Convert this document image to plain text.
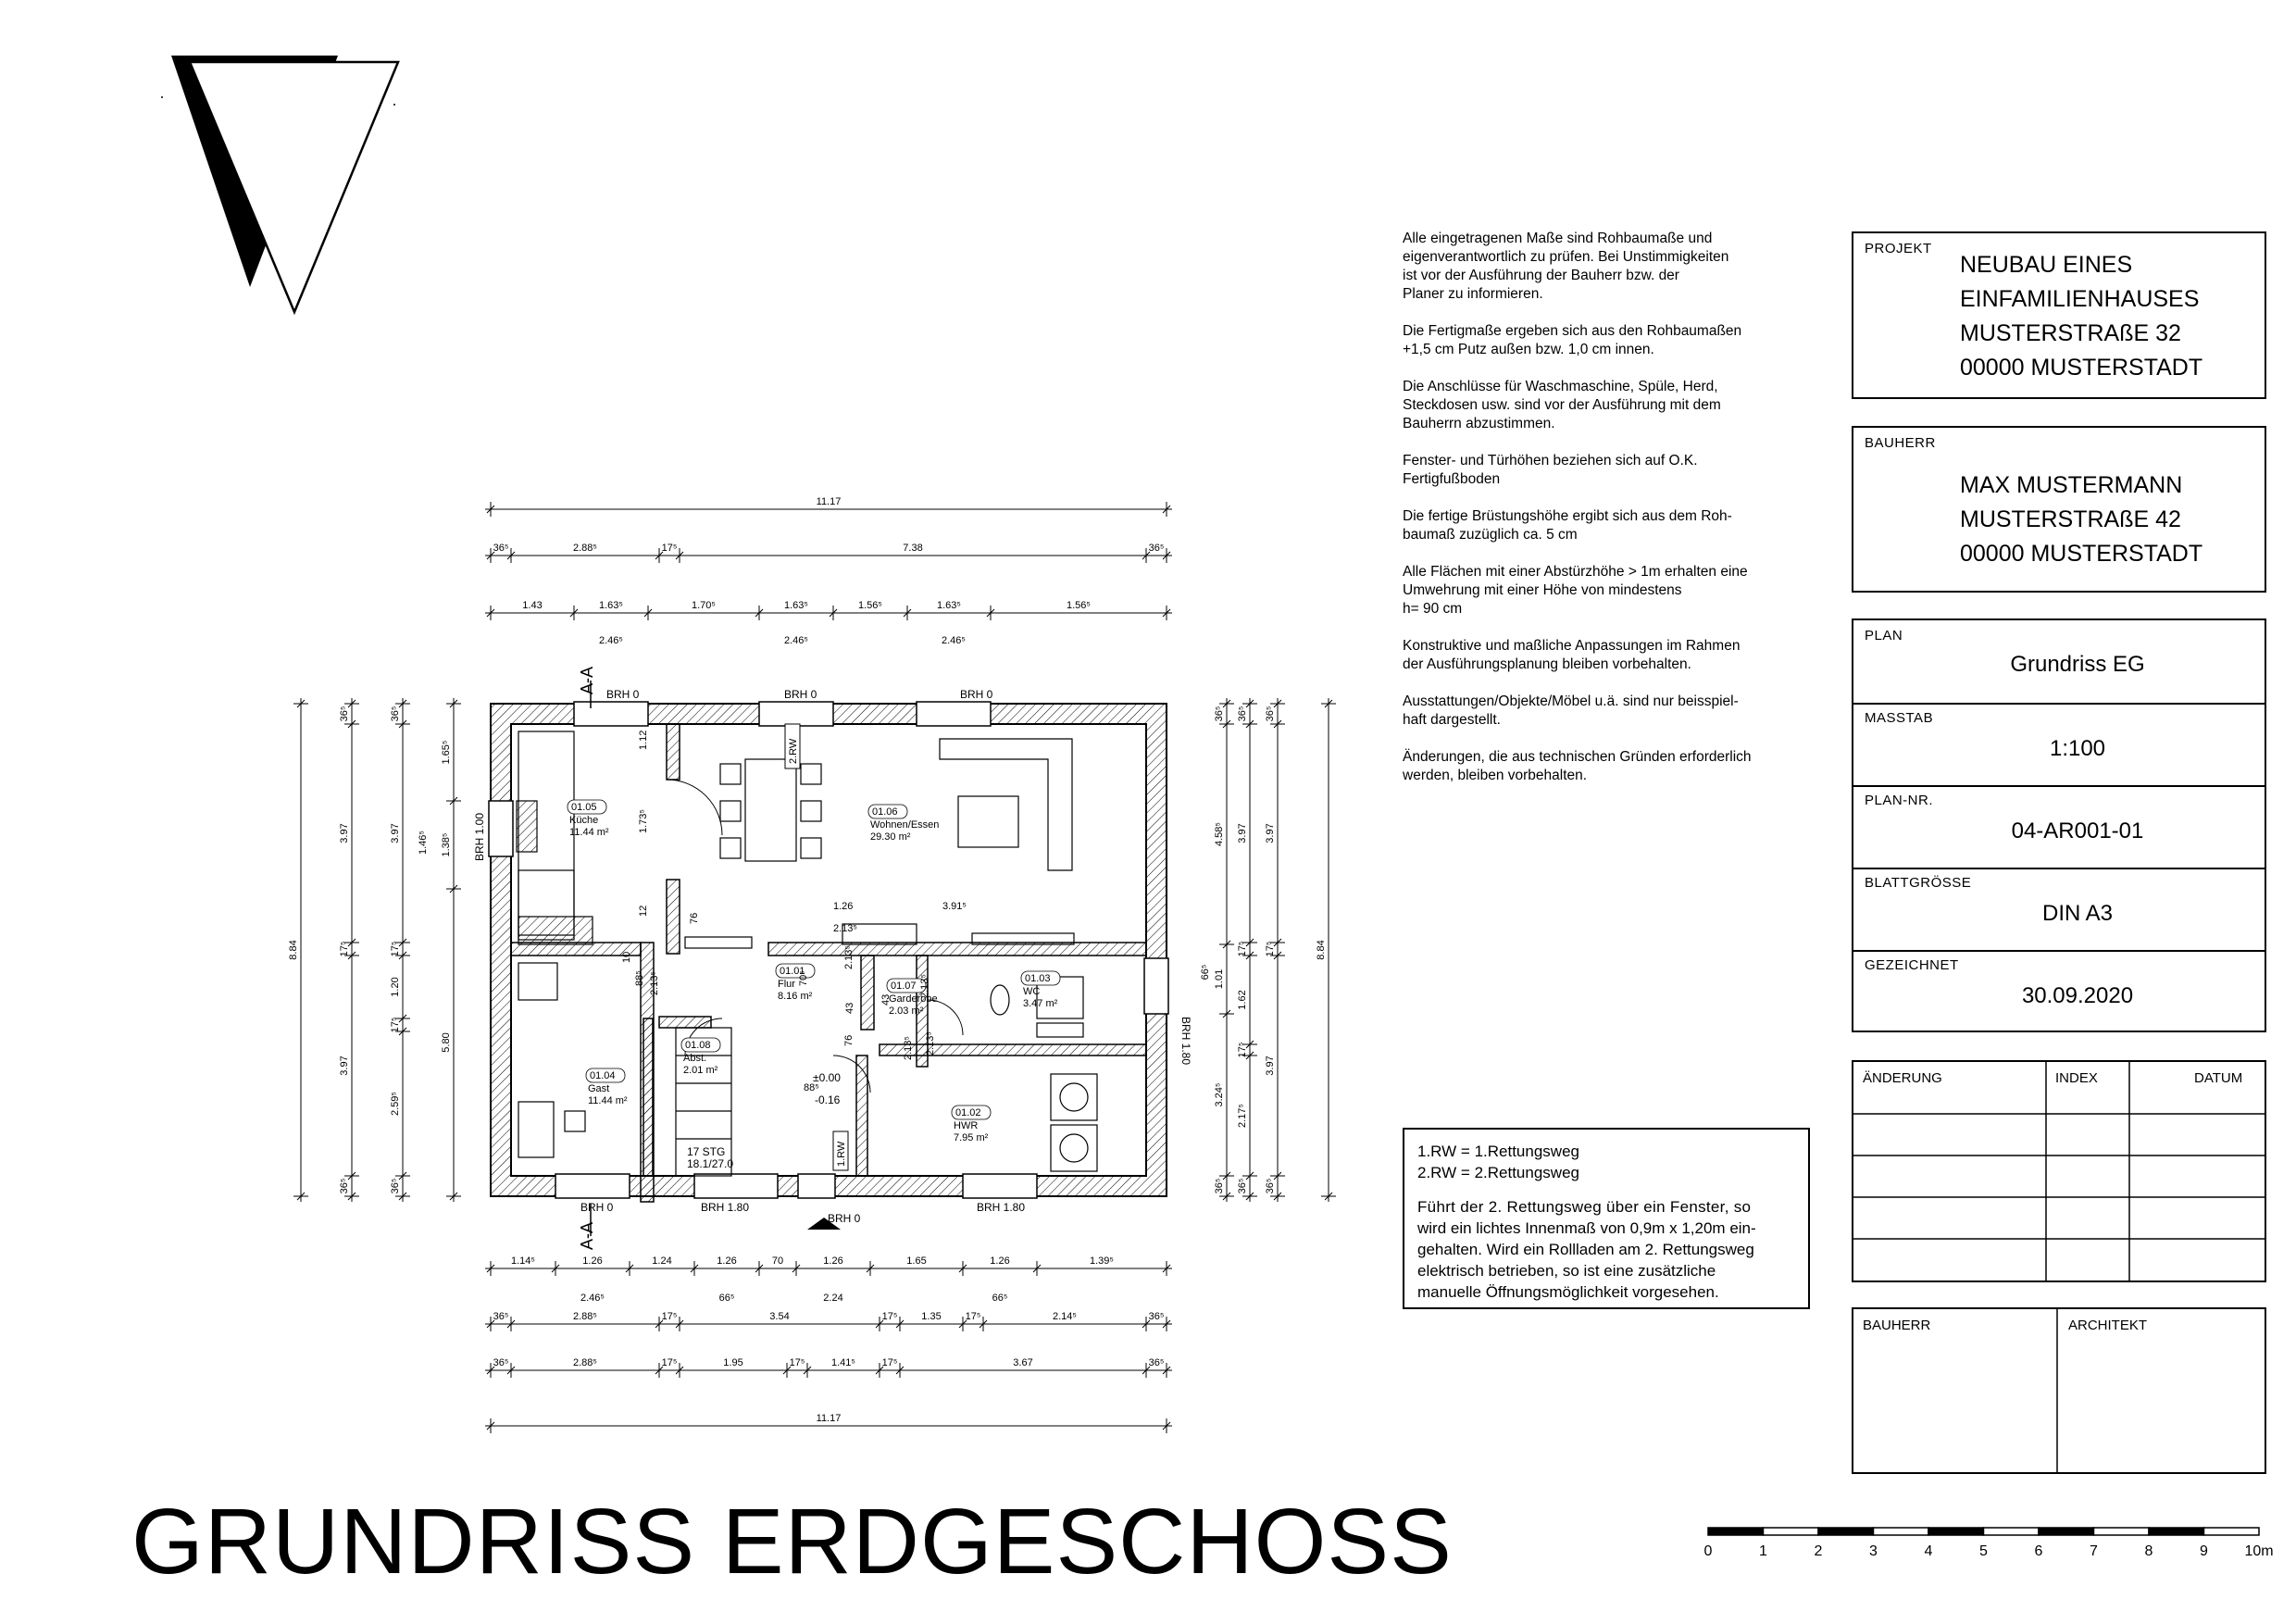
Alle eingetragenen Maße sind Rohbaumaße und
eigenverantwortlich zu prüfen. Bei Unstimmigkeiten
ist vor der Ausführung der Bauherr bzw. der
Planer zu informieren.

Die Fertigmaße ergeben sich aus den Rohbaumaßen
+1,5 cm Putz außen bzw. 1,0 cm innen.

Die Anschlüsse für Waschmaschine, Spüle, Herd,
Steckdosen usw. sind vor der Ausführung mit dem
Bauherrn abzustimmen.

Fenster- und Türhöhen beziehen sich auf O.K.
Fertigfußboden

Die fertige Brüstungshöhe ergibt sich aus dem Roh-
baumaß zuzüglich ca. 5 cm

Alle Flächen mit einer Abstürzhöhe > 1m erhalten eine
Umwehrung mit einer Höhe von mindestens
h= 90 cm

Konstruktive und maßliche Anpassungen im Rahmen
der Ausführungsplanung bleiben vorbehalten.

Ausstattungen/Objekte/Möbel u.ä. sind nur beisspiel-
haft dargestellt.

Änderungen, die aus technischen Gründen erforderlich
werden, bleiben vorbehalten.

PROJEKT
NEUBAU EINES
EINFAMILIENHAUSES
MUSTERSTRAßE 32
00000 MUSTERSTADT
BAUHERR
MAX MUSTERMANN
MUSTERSTRAßE 42
00000 MUSTERSTADT
PLAN
Grundriss EG
MASSTAB
1:100
PLAN-NR.
04-AR001-01
BLATTGRÖSSE
DIN A3
GEZEICHNET
30.09.2020
ÄNDERUNG	INDEX	DATUM
BAUHERR	ARCHITEKT
1.RW = 1.Rettungsweg
2.RW = 2.Rettungsweg
Führt der 2. Rettungsweg über ein Fenster, so
wird ein lichtes Innenmaß von 0,9m x 1,20m ein-
gehalten. Wird ein Rollladen am 2. Rettungsweg
elektrisch betrieben, so ist eine zusätzliche
manuelle Öffnungsmöglichkeit vorgesehen.
GRUNDRISS ERDGESCHOSS	0	1	2	3	4	5	6	7	8	9 10m
A-A
A-A
2.RW
1.RW
01.05
Küche
11.44 m²
01.06
Wohnen/Essen
29.30 m²
01.01
Flur
8.16 m²
01.07
Garderobe
2.03 m²
01.03
WC
3.47 m²
01.04
Gast
11.44 m²
01.08
Abst.
2.01 m²
01.02
HWR
7.95 m²
17 STG
18.1/27.0
±0.00
-0.16
BRH 0	BRH 0	BRH 0
BRH 1.00
BRH 1.80
BRH 0	BRH 1.80
BRH 0
BRH 1.80
11.17
36⁵	2.88⁵	17⁵	7.38	36⁵
1.43	1.63⁵	1.70⁵	1.63⁵	1.56⁵	1.63⁵	1.56⁵
2.46⁵	2.46⁵	2.46⁵
1.14⁵	1.26	1.24	1.26	70	1.26	1.65	1.26	1.39⁵
2.46⁵	66⁵	2.24	66⁵
36⁵	2.88⁵	17⁵	3.54	17⁵ 1.35 17⁵	2.14⁵	36⁵
36⁵	2.88⁵	17⁵	1.95	17⁵	1.41⁵	17⁵	3.67	36⁵
11.17
8.84
36⁵
3.97
17⁵
3.97
36⁵
36⁵
3.97
17⁵
1.20
17⁵
2.59⁵
36⁵
1.65⁵
1.38⁵
5.80
1.46⁵
8.84
36⁵
3.97
17⁵
3.97
36⁵
36⁵
4.58⁵
1.01
3.24⁵
36⁵
36⁵
3.97
17⁵
1.62
17⁵
2.17⁵
36⁵
66⁵
1.12
1.73⁵
12	1.26	3.91⁵
2.13⁵
2.13⁵
88⁵
10
76
70⁵
2.13⁵
43
76
2.13⁵
43
88⁵
2.13⁵ 2.13⁵
